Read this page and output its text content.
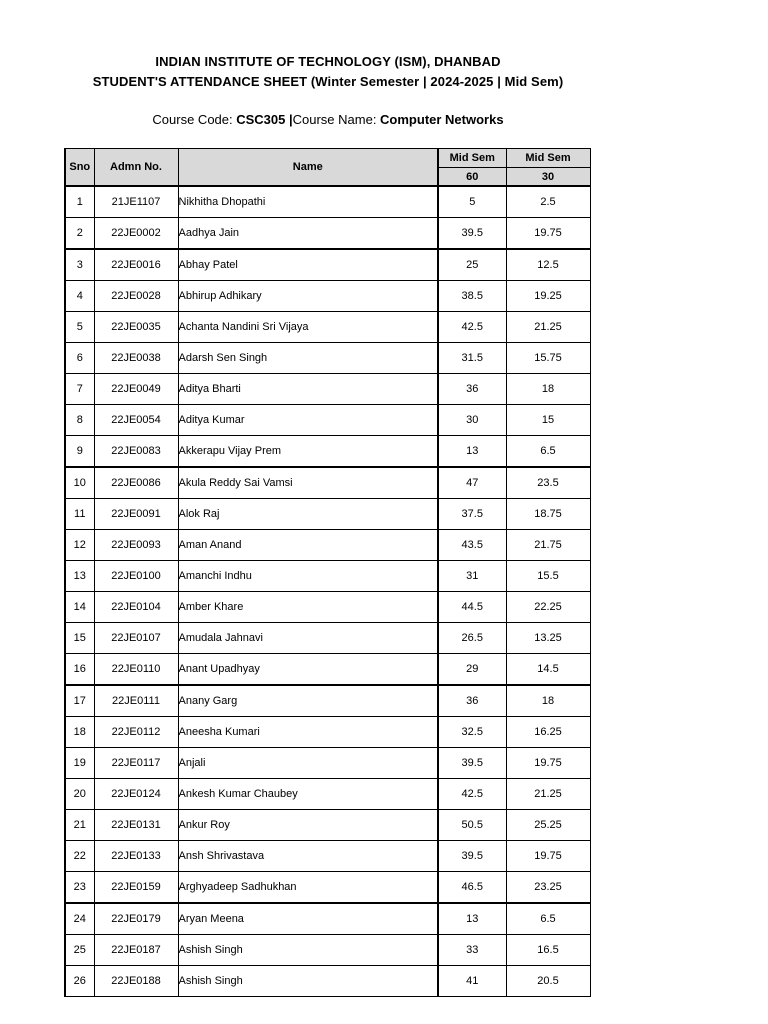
INDIAN INSTITUTE OF TECHNOLOGY (ISM), DHANBAD
STUDENT'S ATTENDANCE SHEET (Winter Semester | 2024-2025 | Mid Sem)
Course Code: CSC305 |Course Name: Computer Networks
Sno	Admn No.	Name	Mid Sem	Mid Sem
			60	30
1	21JE1107	Nikhitha Dhopathi	5	2.5
2	22JE0002	Aadhya Jain	39.5	19.75
3	22JE0016	Abhay Patel	25	12.5
4	22JE0028	Abhirup Adhikary	38.5	19.25
5	22JE0035	Achanta Nandini Sri Vijaya	42.5	21.25
6	22JE0038	Adarsh Sen Singh	31.5	15.75
7	22JE0049	Aditya Bharti	36	18
8	22JE0054	Aditya Kumar	30	15
9	22JE0083	Akkerapu Vijay Prem	13	6.5
10	22JE0086	Akula Reddy Sai Vamsi	47	23.5
11	22JE0091	Alok Raj	37.5	18.75
12	22JE0093	Aman Anand	43.5	21.75
13	22JE0100	Amanchi Indhu	31	15.5
14	22JE0104	Amber Khare	44.5	22.25
15	22JE0107	Amudala Jahnavi	26.5	13.25
16	22JE0110	Anant Upadhyay	29	14.5
17	22JE0111	Anany Garg	36	18
18	22JE0112	Aneesha Kumari	32.5	16.25
19	22JE0117	Anjali	39.5	19.75
20	22JE0124	Ankesh Kumar Chaubey	42.5	21.25
21	22JE0131	Ankur Roy	50.5	25.25
22	22JE0133	Ansh Shrivastava	39.5	19.75
23	22JE0159	Arghyadeep Sadhukhan	46.5	23.25
24	22JE0179	Aryan Meena	13	6.5
25	22JE0187	Ashish Singh	33	16.5
26	22JE0188	Ashish Singh	41	20.5
